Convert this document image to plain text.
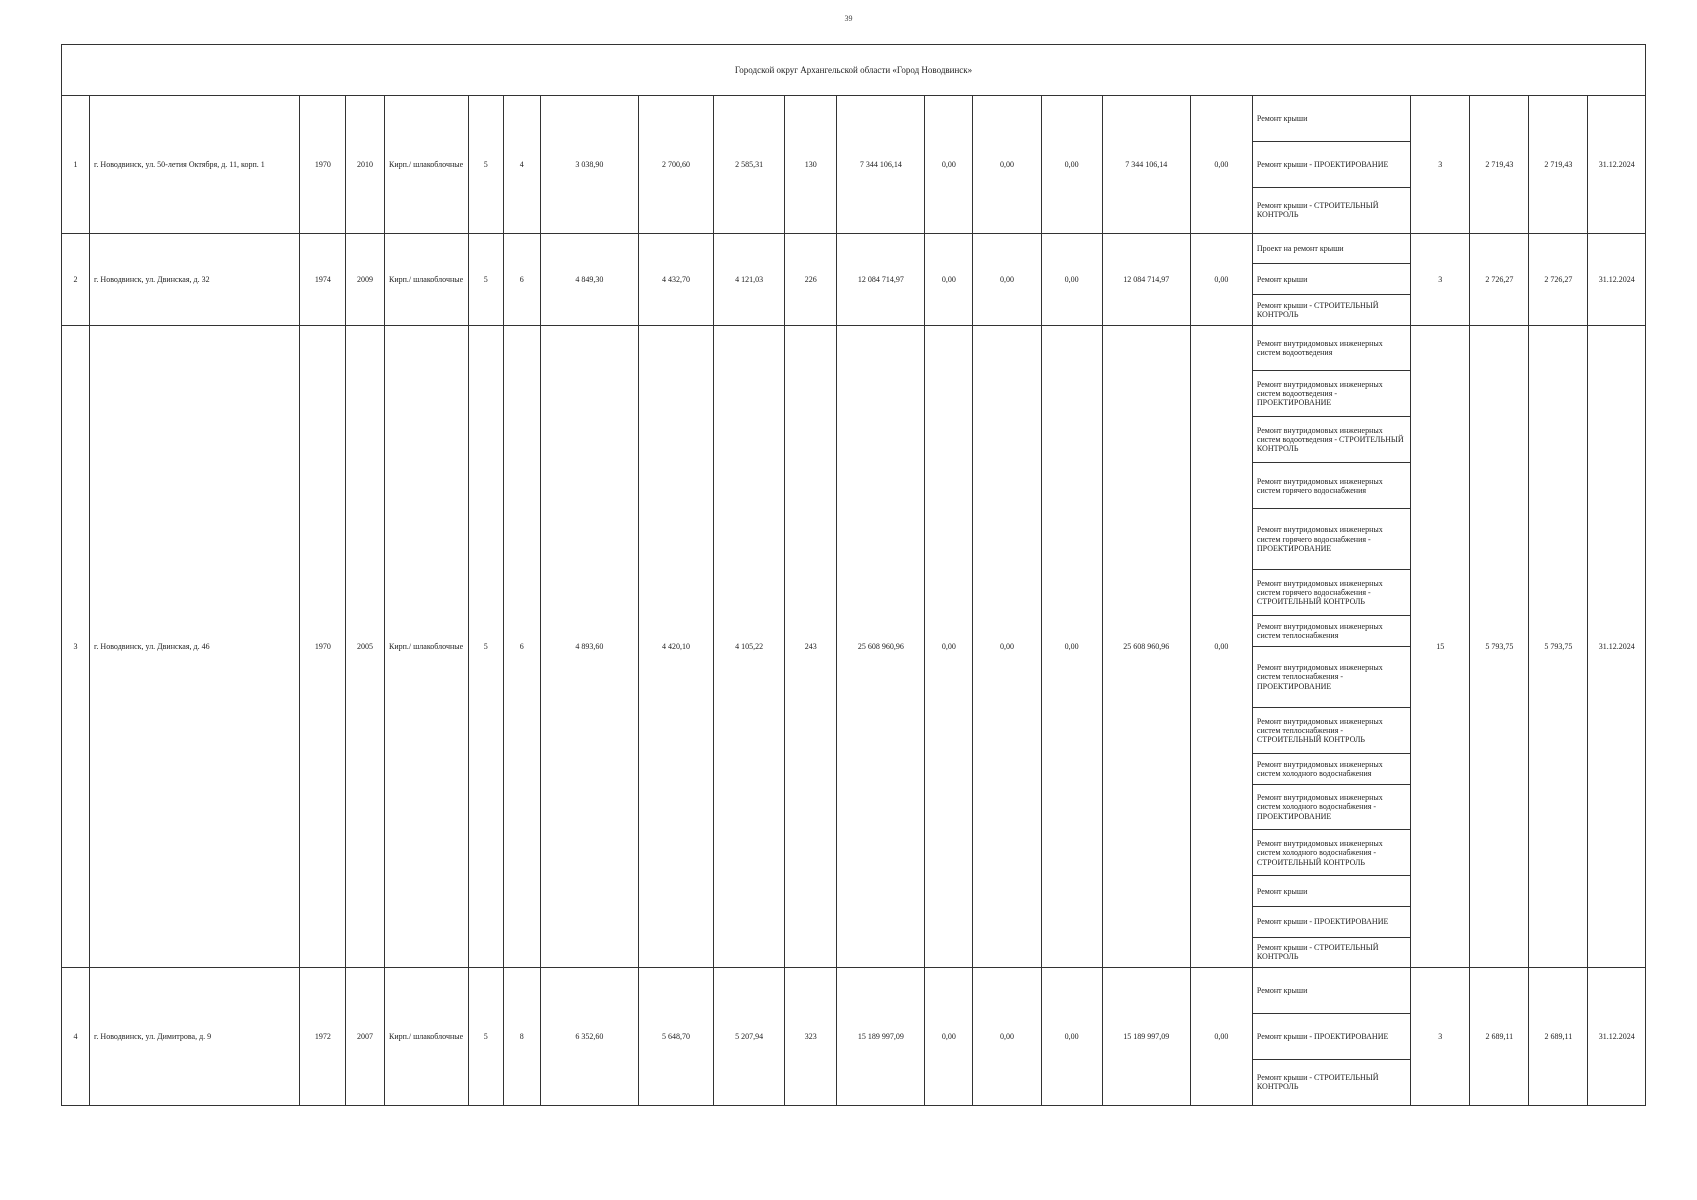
39
Городской округ Архангельской области «Город Новодвинск»																					
1	г. Новодвинск, ул. 50-летия Октября, д. 11, корп. 1	1970	2010	Кирп./ шлакоблочные	5	4	3 038,90	2 700,60	2 585,31	130	7 344 106,14	0,00	0,00	0,00	7 344 106,14	0,00	Ремонт крыши	3	2 719,43	2 719,43	31.12.2024
																	Ремонт крыши - ПРОЕКТИРОВАНИЕ				
																	Ремонт крыши - СТРОИТЕЛЬНЫЙ КОНТРОЛЬ				
2	г. Новодвинск, ул. Двинская, д. 32	1974	2009	Кирп./ шлакоблочные	5	6	4 849,30	4 432,70	4 121,03	226	12 084 714,97	0,00	0,00	0,00	12 084 714,97	0,00	Проект на ремонт крыши	3	2 726,27	2 726,27	31.12.2024
																	Ремонт крыши				
																	Ремонт крыши - СТРОИТЕЛЬНЫЙ КОНТРОЛЬ				
3	г. Новодвинск, ул. Двинская, д. 46	1970	2005	Кирп./ шлакоблочные	5	6	4 893,60	4 420,10	4 105,22	243	25 608 960,96	0,00	0,00	0,00	25 608 960,96	0,00	Ремонт внутридомовых инженерных систем водоотведения	15	5 793,75	5 793,75	31.12.2024
																	Ремонт внутридомовых инженерных систем водоотведения - ПРОЕКТИРОВАНИЕ				
																	Ремонт внутридомовых инженерных систем водоотведения - СТРОИТЕЛЬНЫЙ КОНТРОЛЬ				
																	Ремонт внутридомовых инженерных систем горячего водоснабжения				
																	Ремонт внутридомовых инженерных систем горячего водоснабжения - ПРОЕКТИРОВАНИЕ				
																	Ремонт внутридомовых инженерных систем горячего водоснабжения - СТРОИТЕЛЬНЫЙ КОНТРОЛЬ				
																	Ремонт внутридомовых инженерных систем теплоснабжения				
																	Ремонт внутридомовых инженерных систем теплоснабжения - ПРОЕКТИРОВАНИЕ				
																	Ремонт внутридомовых инженерных систем теплоснабжения - СТРОИТЕЛЬНЫЙ КОНТРОЛЬ				
																	Ремонт внутридомовых инженерных систем холодного водоснабжения				
																	Ремонт внутридомовых инженерных систем холодного водоснабжения - ПРОЕКТИРОВАНИЕ				
																	Ремонт внутридомовых инженерных систем холодного водоснабжения - СТРОИТЕЛЬНЫЙ КОНТРОЛЬ				
																	Ремонт крыши				
																	Ремонт крыши - ПРОЕКТИРОВАНИЕ				
																	Ремонт крыши - СТРОИТЕЛЬНЫЙ КОНТРОЛЬ				
4	г. Новодвинск, ул. Димитрова, д. 9	1972	2007	Кирп./ шлакоблочные	5	8	6 352,60	5 648,70	5 207,94	323	15 189 997,09	0,00	0,00	0,00	15 189 997,09	0,00	Ремонт крыши	3	2 689,11	2 689,11	31.12.2024
																	Ремонт крыши - ПРОЕКТИРОВАНИЕ				
																	Ремонт крыши - СТРОИТЕЛЬНЫЙ КОНТРОЛЬ				
